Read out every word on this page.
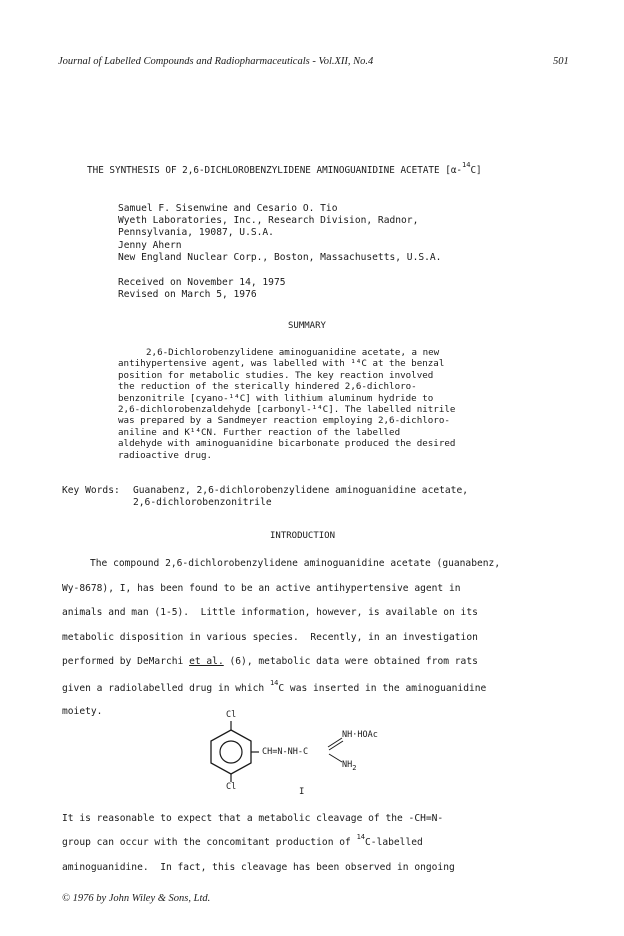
Journal of Labelled Compounds and Radiopharmaceuticals - Vol.XII, No.4	501
THE SYNTHESIS OF 2,6-DICHLOROBENZYLIDENE AMINOGUANIDINE ACETATE [α-$^{14}$C]
Samuel F. Sisenwine and Cesario O. Tio
Wyeth Laboratories, Inc., Research Division, Radnor,
Pennsylvania, 19087, U.S.A.
Jenny Ahern
New England Nuclear Corp., Boston, Massachusetts, U.S.A.
Received on November 14, 1975
Revised on March 5, 1976
SUMMARY
2,6-Dichlorobenzylidene aminoguanidine acetate, a new
antihypertensive agent, was labelled with ¹⁴C at the benzal
position for metabolic studies. The key reaction involved
the reduction of the sterically hindered 2,6-dichloro-
benzonitrile [cyano-¹⁴C] with lithium aluminum hydride to
2,6-dichlorobenzaldehyde [carbonyl-¹⁴C]. The labelled nitrile
was prepared by a Sandmeyer reaction employing 2,6-dichloro-
aniline and K¹⁴CN. Further reaction of the labelled
aldehyde with aminoguanidine bicarbonate produced the desired
radioactive drug.
Key Words: Guanabenz, 2,6-dichlorobenzylidene aminoguanidine acetate,
2,6-dichlorobenzonitrile
INTRODUCTION
The compound 2,6-dichlorobenzylidene aminoguanidine acetate (guanabenz,
Wy-8678), I, has been found to be an active antihypertensive agent in
animals and man (1-5).  Little information, however, is available on its
metabolic disposition in various species.  Recently, in an investigation
performed by DeMarchi et al. (6), metabolic data were obtained from rats
given a radiolabelled drug in which $^{14}$C was inserted in the aminoguanidine
moiety.	Cl
Cl
CH=N-NH-C
NH·HOAc
$NH_2$
I
It is reasonable to expect that a metabolic cleavage of the -CH=N-
group can occur with the concomitant production of $^{14}$C-labelled
aminoguanidine.  In fact, this cleavage has been observed in ongoing
© 1976 by John Wiley & Sons, Ltd.
